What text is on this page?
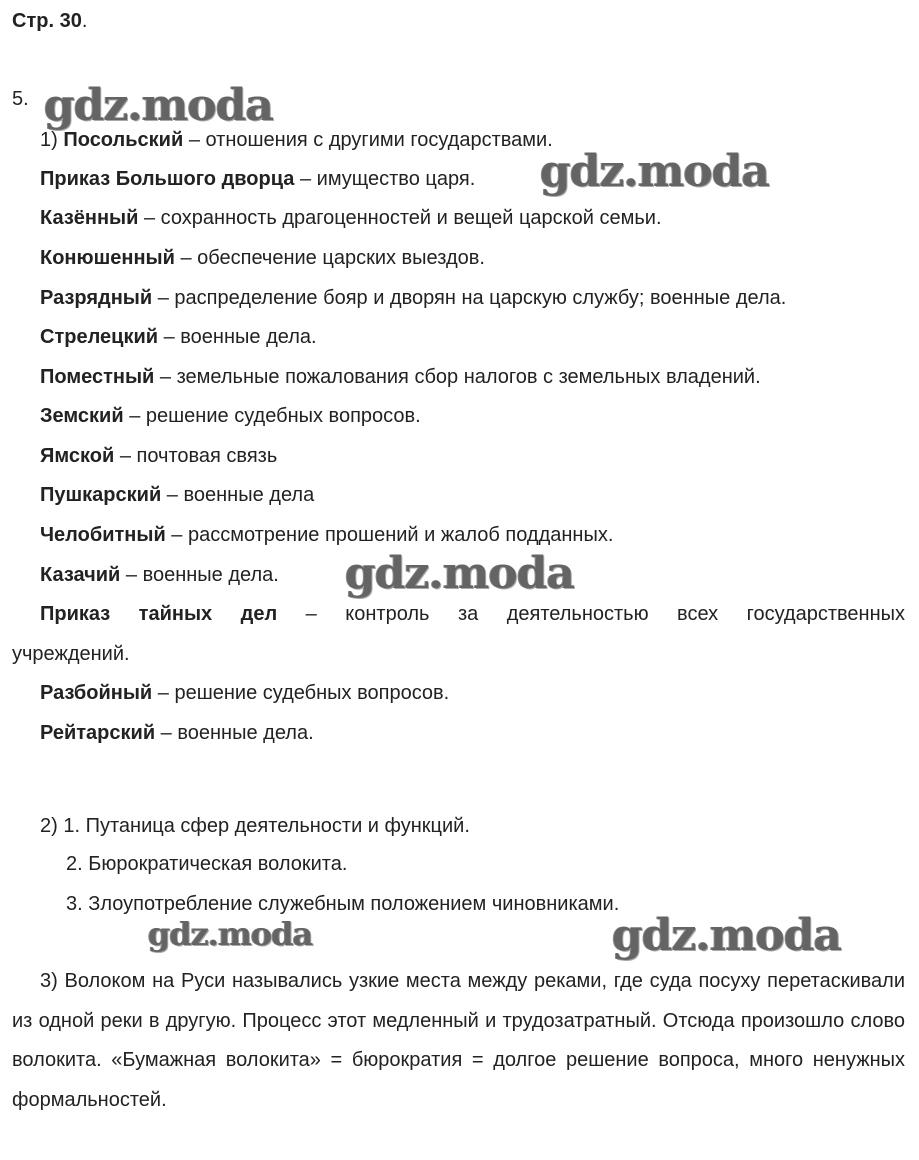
Стр. 30.
5.
1) Посольский – отношения с другими государствами.
Приказ Большого дворца – имущество царя.
Казённый – сохранность драгоценностей и вещей царской семьи.
Конюшенный – обеспечение царских выездов.
Разрядный – распределение бояр и дворян на царскую службу; военные дела.
Стрелецкий – военные дела.
Поместный – земельные пожалования сбор налогов с земельных владений.
Земский – решение судебных вопросов.
Ямской – почтовая связь
Пушкарский – военные дела
Челобитный – рассмотрение прошений и жалоб подданных.
Казачий – военные дела.
Приказ тайных дел – контроль за деятельностью всех государственных
учреждений.
Разбойный – решение судебных вопросов.
Рейтарский – военные дела.
2) 1. Путаница сфер деятельности и функций.
2. Бюрократическая волокита.
3. Злоупотребление служебным положением чиновниками.
3) Волоком на Руси назывались узкие места между реками, где суда посуху перетаскивали из одной реки в другую. Процесс этот медленный и трудозатратный. Отсюда произошло слово волокита. «Бумажная волокита» = бюрократия = долгое решение вопроса, много ненужных формальностей.
gdz.moda
gdz.moda
gdz.moda
gdz.moda	gdz.moda
